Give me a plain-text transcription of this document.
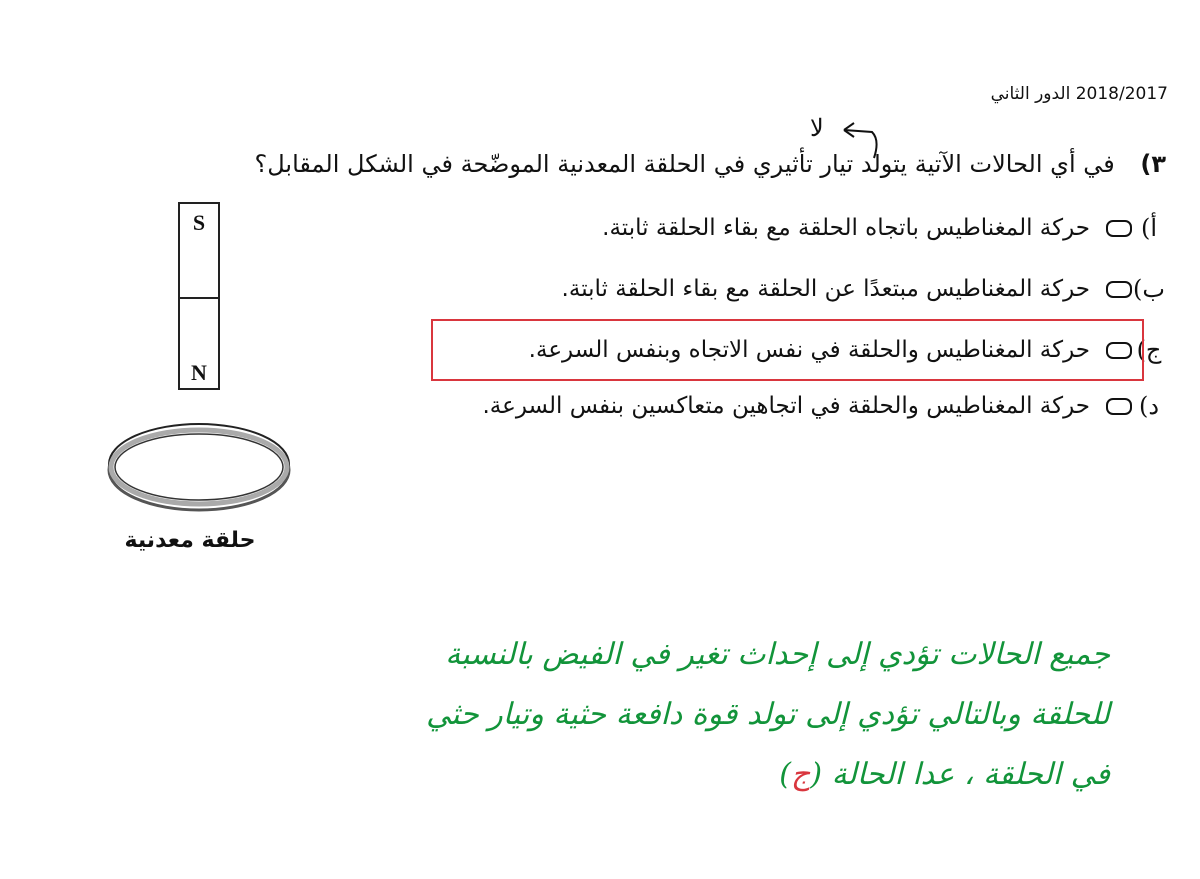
2018/2017 الدور الثاني
لا
٣) في أي الحالات الآتية يتولد تيار تأثيري في الحلقة المعدنية الموضّحة في الشكل المقابل؟
أ)
حركة المغناطيس باتجاه الحلقة مع بقاء الحلقة ثابتة.
ب)
حركة المغناطيس مبتعدًا عن الحلقة مع بقاء الحلقة ثابتة.
ج)
حركة المغناطيس والحلقة في نفس الاتجاه وبنفس السرعة.
د)
حركة المغناطيس والحلقة في اتجاهين متعاكسين بنفس السرعة.
S
N
حلقة معدنية
جميع الحالات تؤدي إلى إحداث تغير في الفيض بالنسبة
للحلقة وبالتالي تؤدي إلى تولد قوة دافعة حثية وتيار حثي
في الحلقة ، عدا الحالة (ج)
